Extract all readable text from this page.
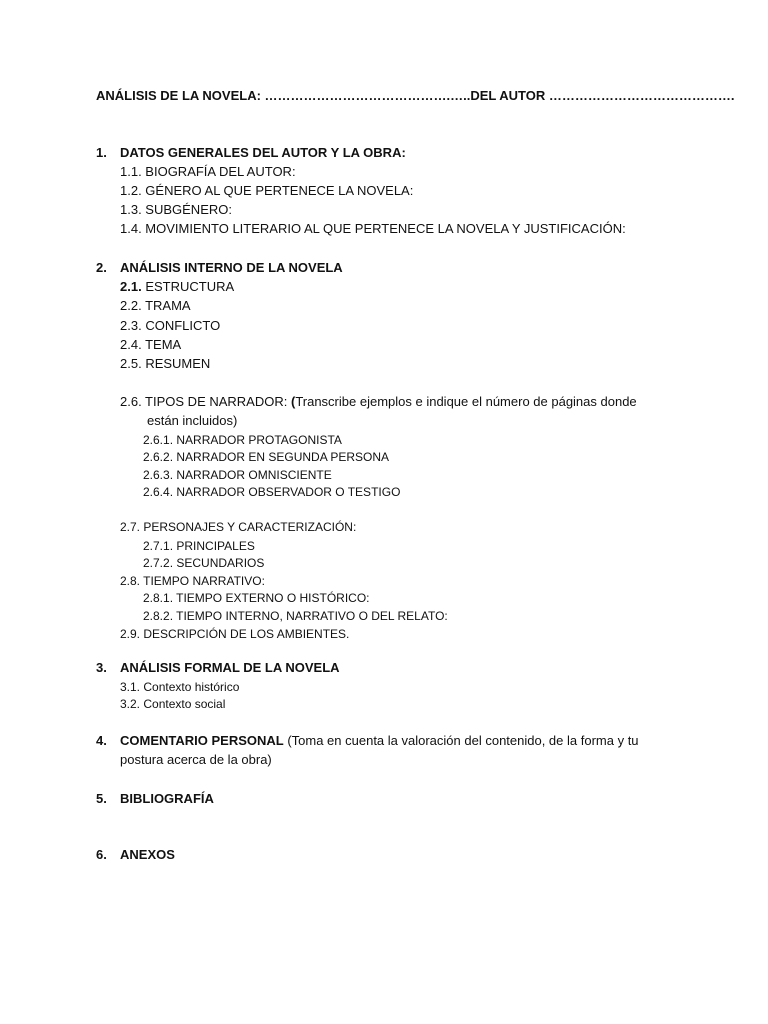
ANÁLISIS DE LA NOVELA: …………………………………….…..DEL AUTOR …………………………………….
1. DATOS GENERALES DEL AUTOR Y LA OBRA:
1.1. BIOGRAFÍA DEL AUTOR:
1.2. GÉNERO AL QUE PERTENECE LA NOVELA:
1.3. SUBGÉNERO:
1.4. MOVIMIENTO LITERARIO AL QUE PERTENECE LA NOVELA Y JUSTIFICACIÓN:
2. ANÁLISIS INTERNO DE LA NOVELA
2.1. ESTRUCTURA
2.2. TRAMA
2.3. CONFLICTO
2.4. TEMA
2.5. RESUMEN
2.6. TIPOS DE NARRADOR: (Transcribe ejemplos e indique el número de páginas donde
están incluidos)
2.6.1. NARRADOR PROTAGONISTA
2.6.2. NARRADOR EN SEGUNDA PERSONA
2.6.3. NARRADOR OMNISCIENTE
2.6.4. NARRADOR OBSERVADOR O TESTIGO
2.7. PERSONAJES Y CARACTERIZACIÓN:
2.7.1. PRINCIPALES
2.7.2. SECUNDARIOS
2.8. TIEMPO NARRATIVO:
2.8.1. TIEMPO EXTERNO O HISTÓRICO:
2.8.2. TIEMPO INTERNO, NARRATIVO O DEL RELATO:
2.9. DESCRIPCIÓN DE LOS AMBIENTES.
3. ANÁLISIS FORMAL DE LA NOVELA
3.1. Contexto histórico
3.2. Contexto social
4. COMENTARIO PERSONAL (Toma en cuenta la valoración del contenido, de la forma y tu
postura acerca de la obra)
5. BIBLIOGRAFÍA
6. ANEXOS
